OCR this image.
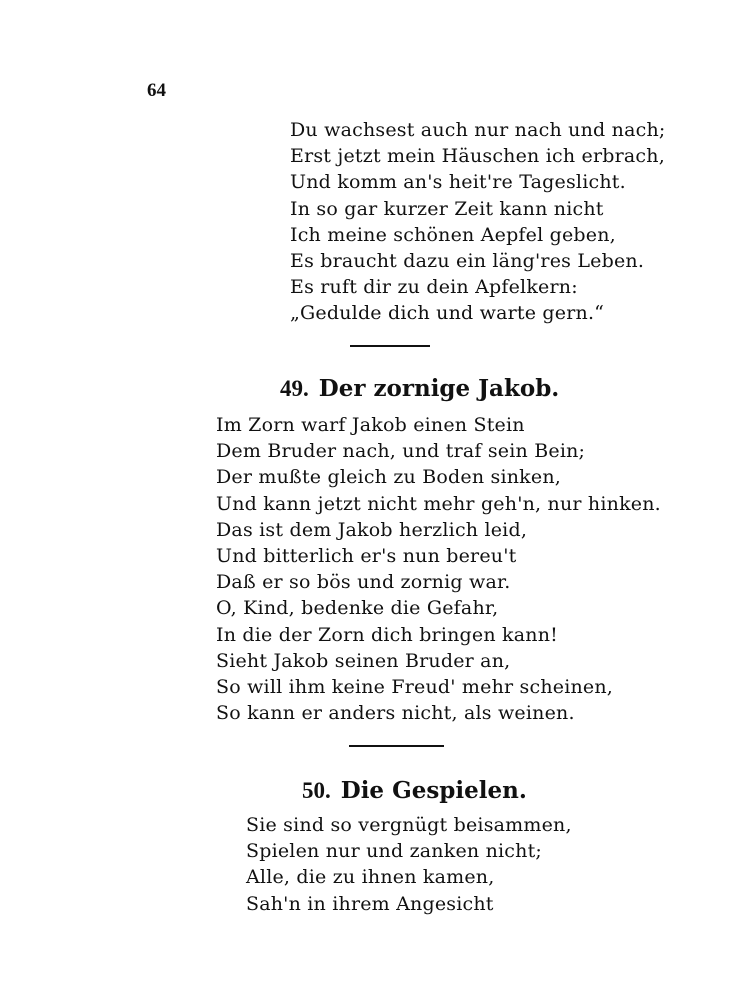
64
Du wachsest auch nur nach und nach;
Erst jetzt mein Häuschen ich erbrach,
Und komm an's heit're Tageslicht.
In so gar kurzer Zeit kann nicht
Ich meine schönen Aepfel geben,
Es braucht dazu ein läng'res Leben.
Es ruft dir zu dein Apfelkern:
„Gedulde dich und warte gern.“
49. Der zornige Jakob.
Im Zorn warf Jakob einen Stein
Dem Bruder nach, und traf sein Bein;
Der mußte gleich zu Boden sinken,
Und kann jetzt nicht mehr geh'n, nur hinken.
Das ist dem Jakob herzlich leid,
Und bitterlich er's nun bereu't
Daß er so bös und zornig war.
O, Kind, bedenke die Gefahr,
In die der Zorn dich bringen kann!
Sieht Jakob seinen Bruder an,
So will ihm keine Freud' mehr scheinen,
So kann er anders nicht, als weinen.
50. Die Gespielen.
Sie sind so vergnügt beisammen,
Spielen nur und zanken nicht;
Alle, die zu ihnen kamen,
Sah'n in ihrem Angesicht
